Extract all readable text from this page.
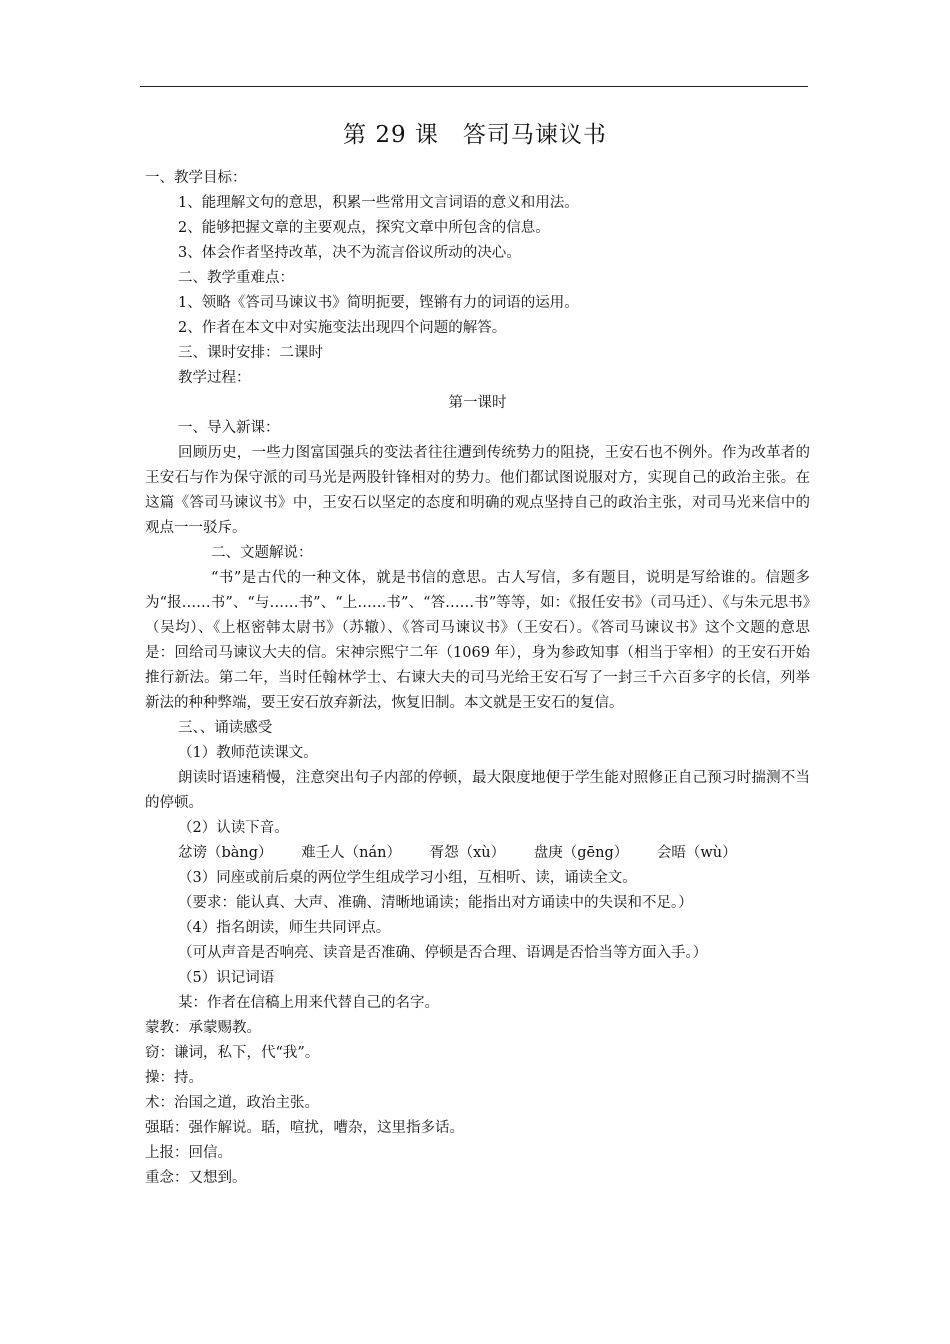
第 29 课　答司马谏议书

一、教学目标：

1、能理解文句的意思，积累一些常用文言词语的意义和用法。

2、能够把握文章的主要观点，探究文章中所包含的信息。

3、体会作者坚持改革，决不为流言俗议所动的决心。

二、教学重难点：

1、领略《答司马谏议书》简明扼要，铿锵有力的词语的运用。

2、作者在本文中对实施变法出现四个问题的解答。

三、课时安排：二课时

教学过程：

第一课时

一、导入新课：

回顾历史，一些力图富国强兵的变法者往往遭到传统势力的阻挠，王安石也不例外。作为改革者的王安石与作为保守派的司马光是两股针锋相对的势力。他们都试图说服对方，实现自己的政治主张。在这篇《答司马谏议书》中，王安石以坚定的态度和明确的观点坚持自己的政治主张，对司马光来信中的观点一一驳斥。

二、文题解说：

“书”是古代的一种文体，就是书信的意思。古人写信，多有题目，说明是写给谁的。信题多为“报……书”、“与……书”、“上……书”、“答……书”等等，如：《报任安书》（司马迁）、《与朱元思书》（吴均）、《上枢密韩太尉书》（苏辙）、《答司马谏议书》（王安石）。《答司马谏议书》这个文题的意思是：回给司马谏议大夫的信。宋神宗熙宁二年（1069 年），身为参政知事（相当于宰相）的王安石开始推行新法。第二年，当时任翰林学士、右谏大夫的司马光给王安石写了一封三千六百多字的长信，列举新法的种种弊端，要王安石放弃新法，恢复旧制。本文就是王安石的复信。

三、、诵读感受

（1）教师范读课文。

朗读时语速稍慢，注意突出句子内部的停顿，最大限度地便于学生能对照修正自己预习时揣测不当的停顿。

（2）认读下音。

忿谤（bàng） 难壬人（nán） 胥怨（xù） 盘庚（gēng） 会晤（wù）

（3）同座或前后桌的两位学生组成学习小组，互相听、读，诵读全文。

（要求：能认真、大声、准确、清晰地诵读；能指出对方诵读中的失误和不足。）

（4）指名朗读，师生共同评点。

（可从声音是否响亮、读音是否准确、停顿是否合理、语调是否恰当等方面入手。）

（5）识记词语

某：作者在信稿上用来代替自己的名字。

蒙教：承蒙赐教。

窃：谦词，私下，代“我”。

操：持。

术：治国之道，政治主张。

强聒：强作解说。聒，喧扰，嘈杂，这里指多话。

上报：回信。

重念：又想到。
